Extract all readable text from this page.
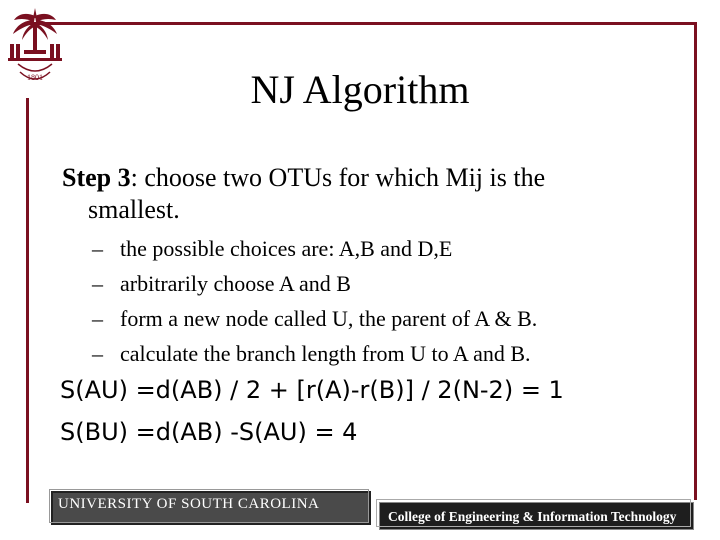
1801	NJ Algorithm
Step 3: choose two OTUs for which Mij is the
smallest.
– the possible choices are: A,B and D,E
– arbitrarily choose A and B
– form a new node called U, the parent of A & B.
– calculate the branch length from U to A and B.
S(AU) =d(AB) / 2 + [r(A)-r(B)] / 2(N-2) = 1
S(BU) =d(AB) -S(AU) = 4
UNIVERSITY OF SOUTH CAROLINA
College of Engineering & Information Technology
